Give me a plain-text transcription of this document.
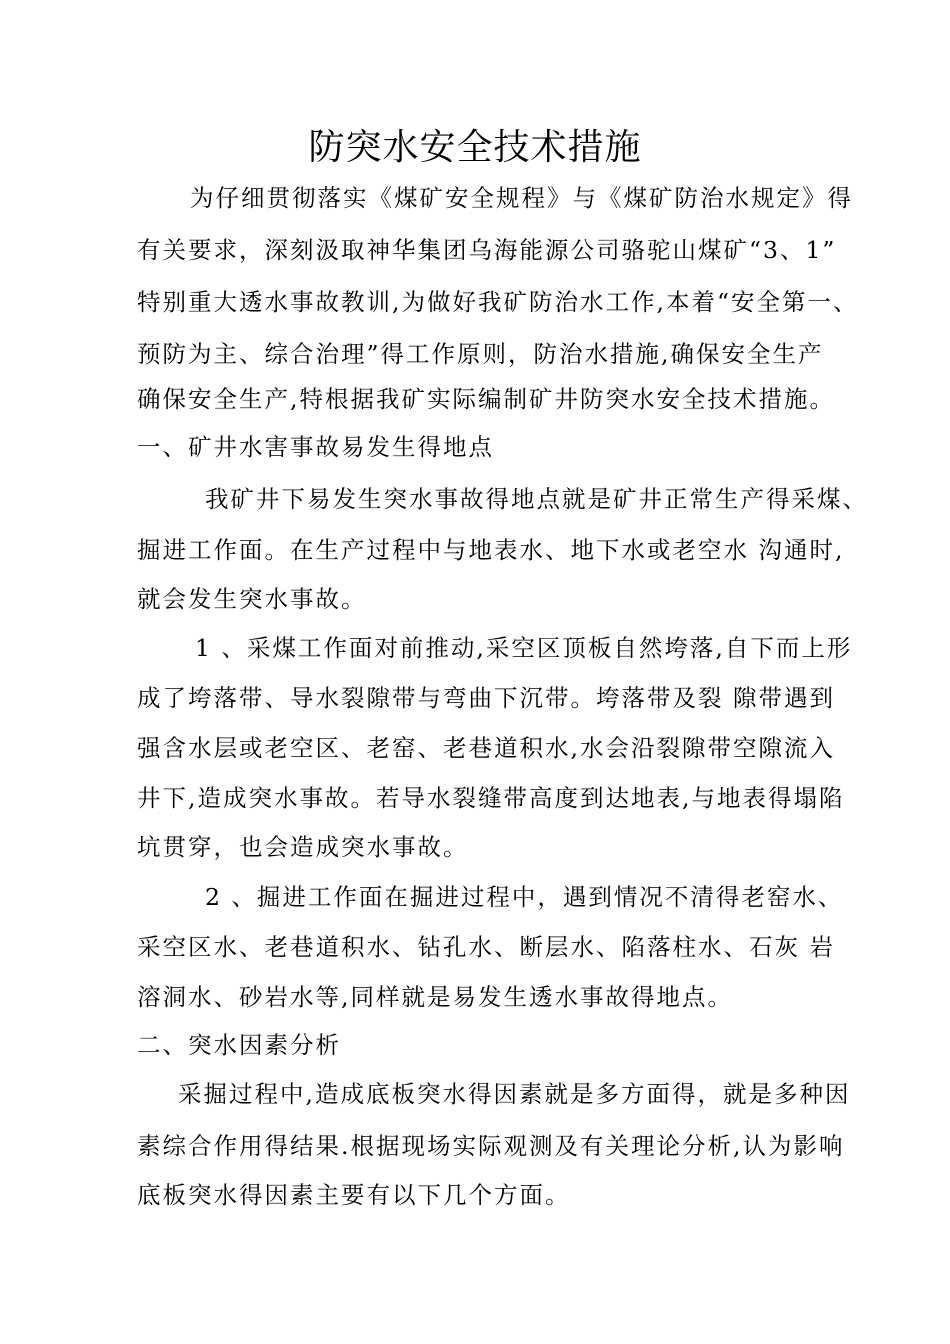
防突水安全技术措施
为仔细贯彻落实《煤矿安全规程》与《煤矿防治水规定》得
有关要求，深刻汲取神华集团乌海能源公司骆驼山煤矿“3、1”
特别重大透水事故教训,为做好我矿防治水工作,本着“安全第一、
预防为主、综合治理”得工作原则，防治水措施,确保安全生产
确保安全生产,特根据我矿实际编制矿井防突水安全技术措施。
一、矿井水害事故易发生得地点
我矿井下易发生突水事故得地点就是矿井正常生产得采煤、
掘进工作面。在生产过程中与地表水、地下水或老空水 沟通时,
就会发生突水事故。
1 、采煤工作面对前推动,采空区顶板自然垮落,自下而上形
成了垮落带、导水裂隙带与弯曲下沉带。垮落带及裂 隙带遇到
强含水层或老空区、老窑、老巷道积水,水会沿裂隙带空隙流入
井下,造成突水事故。若导水裂缝带高度到达地表,与地表得塌陷
坑贯穿，也会造成突水事故。
2 、掘进工作面在掘进过程中，遇到情况不清得老窑水、
采空区水、老巷道积水、钻孔水、断层水、陷落柱水、石灰 岩
溶洞水、砂岩水等,同样就是易发生透水事故得地点。
二、突水因素分析
采掘过程中,造成底板突水得因素就是多方面得，就是多种因
素综合作用得结果.根据现场实际观测及有关理论分析,认为影响
底板突水得因素主要有以下几个方面。
